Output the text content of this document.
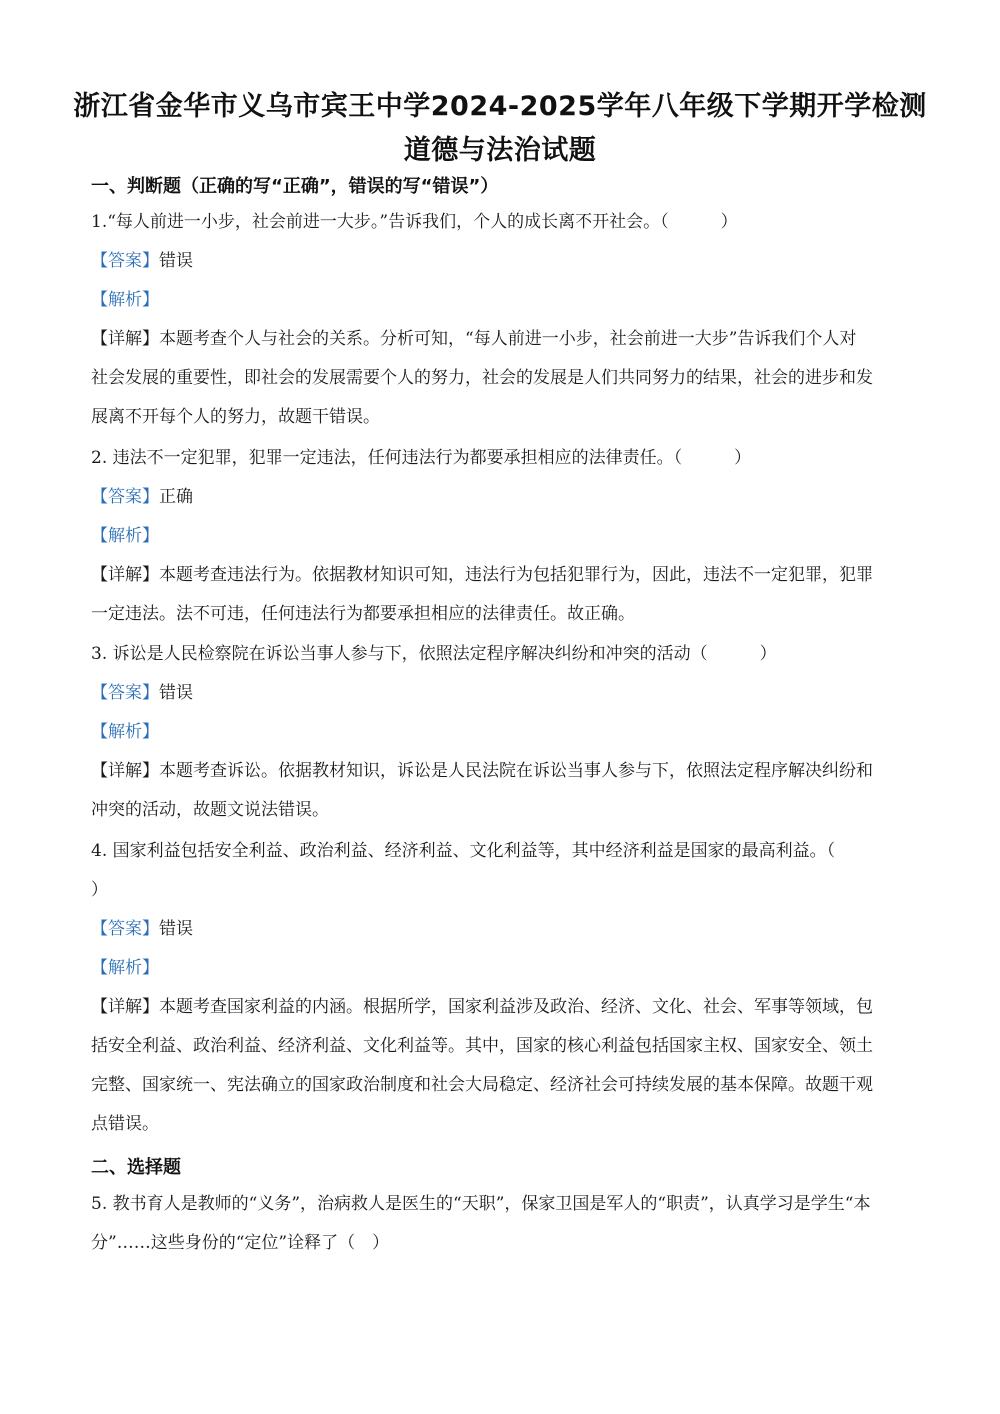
浙江省金华市义乌市宾王中学2024-2025学年八年级下学期开学检测
道德与法治试题
一、判断题（正确的写“正确”，错误的写“错误”）
1.“每人前进一小步，社会前进一大步。”告诉我们，个人的成长离不开社会。（	）
【答案】错误
【解析】
【详解】本题考查个人与社会的关系。分析可知，“每人前进一小步，社会前进一大步”告诉我们个人对
社会发展的重要性，即社会的发展需要个人的努力，社会的发展是人们共同努力的结果，社会的进步和发
展离不开每个人的努力，故题干错误。
2. 违法不一定犯罪，犯罪一定违法，任何违法行为都要承担相应的法律责任。（	）
【答案】正确
【解析】
【详解】本题考查违法行为。依据教材知识可知，违法行为包括犯罪行为，因此，违法不一定犯罪，犯罪
一定违法。法不可违，任何违法行为都要承担相应的法律责任。故正确。
3. 诉讼是人民检察院在诉讼当事人参与下，依照法定程序解决纠纷和冲突的活动（	）
【答案】错误
【解析】
【详解】本题考查诉讼。依据教材知识，诉讼是人民法院在诉讼当事人参与下，依照法定程序解决纠纷和
冲突的活动，故题文说法错误。
4. 国家利益包括安全利益、政治利益、经济利益、文化利益等，其中经济利益是国家的最高利益。（
）
【答案】错误
【解析】
【详解】本题考查国家利益的内涵。根据所学，国家利益涉及政治、经济、文化、社会、军事等领域，包
括安全利益、政治利益、经济利益、文化利益等。其中，国家的核心利益包括国家主权、国家安全、领土
完整、国家统一、宪法确立的国家政治制度和社会大局稳定、经济社会可持续发展的基本保障。故题干观
点错误。
二、选择题
5. 教书育人是教师的“义务”，治病救人是医生的“天职”，保家卫国是军人的“职责”，认真学习是学生“本
分”……这些身份的“定位”诠释了（　）
